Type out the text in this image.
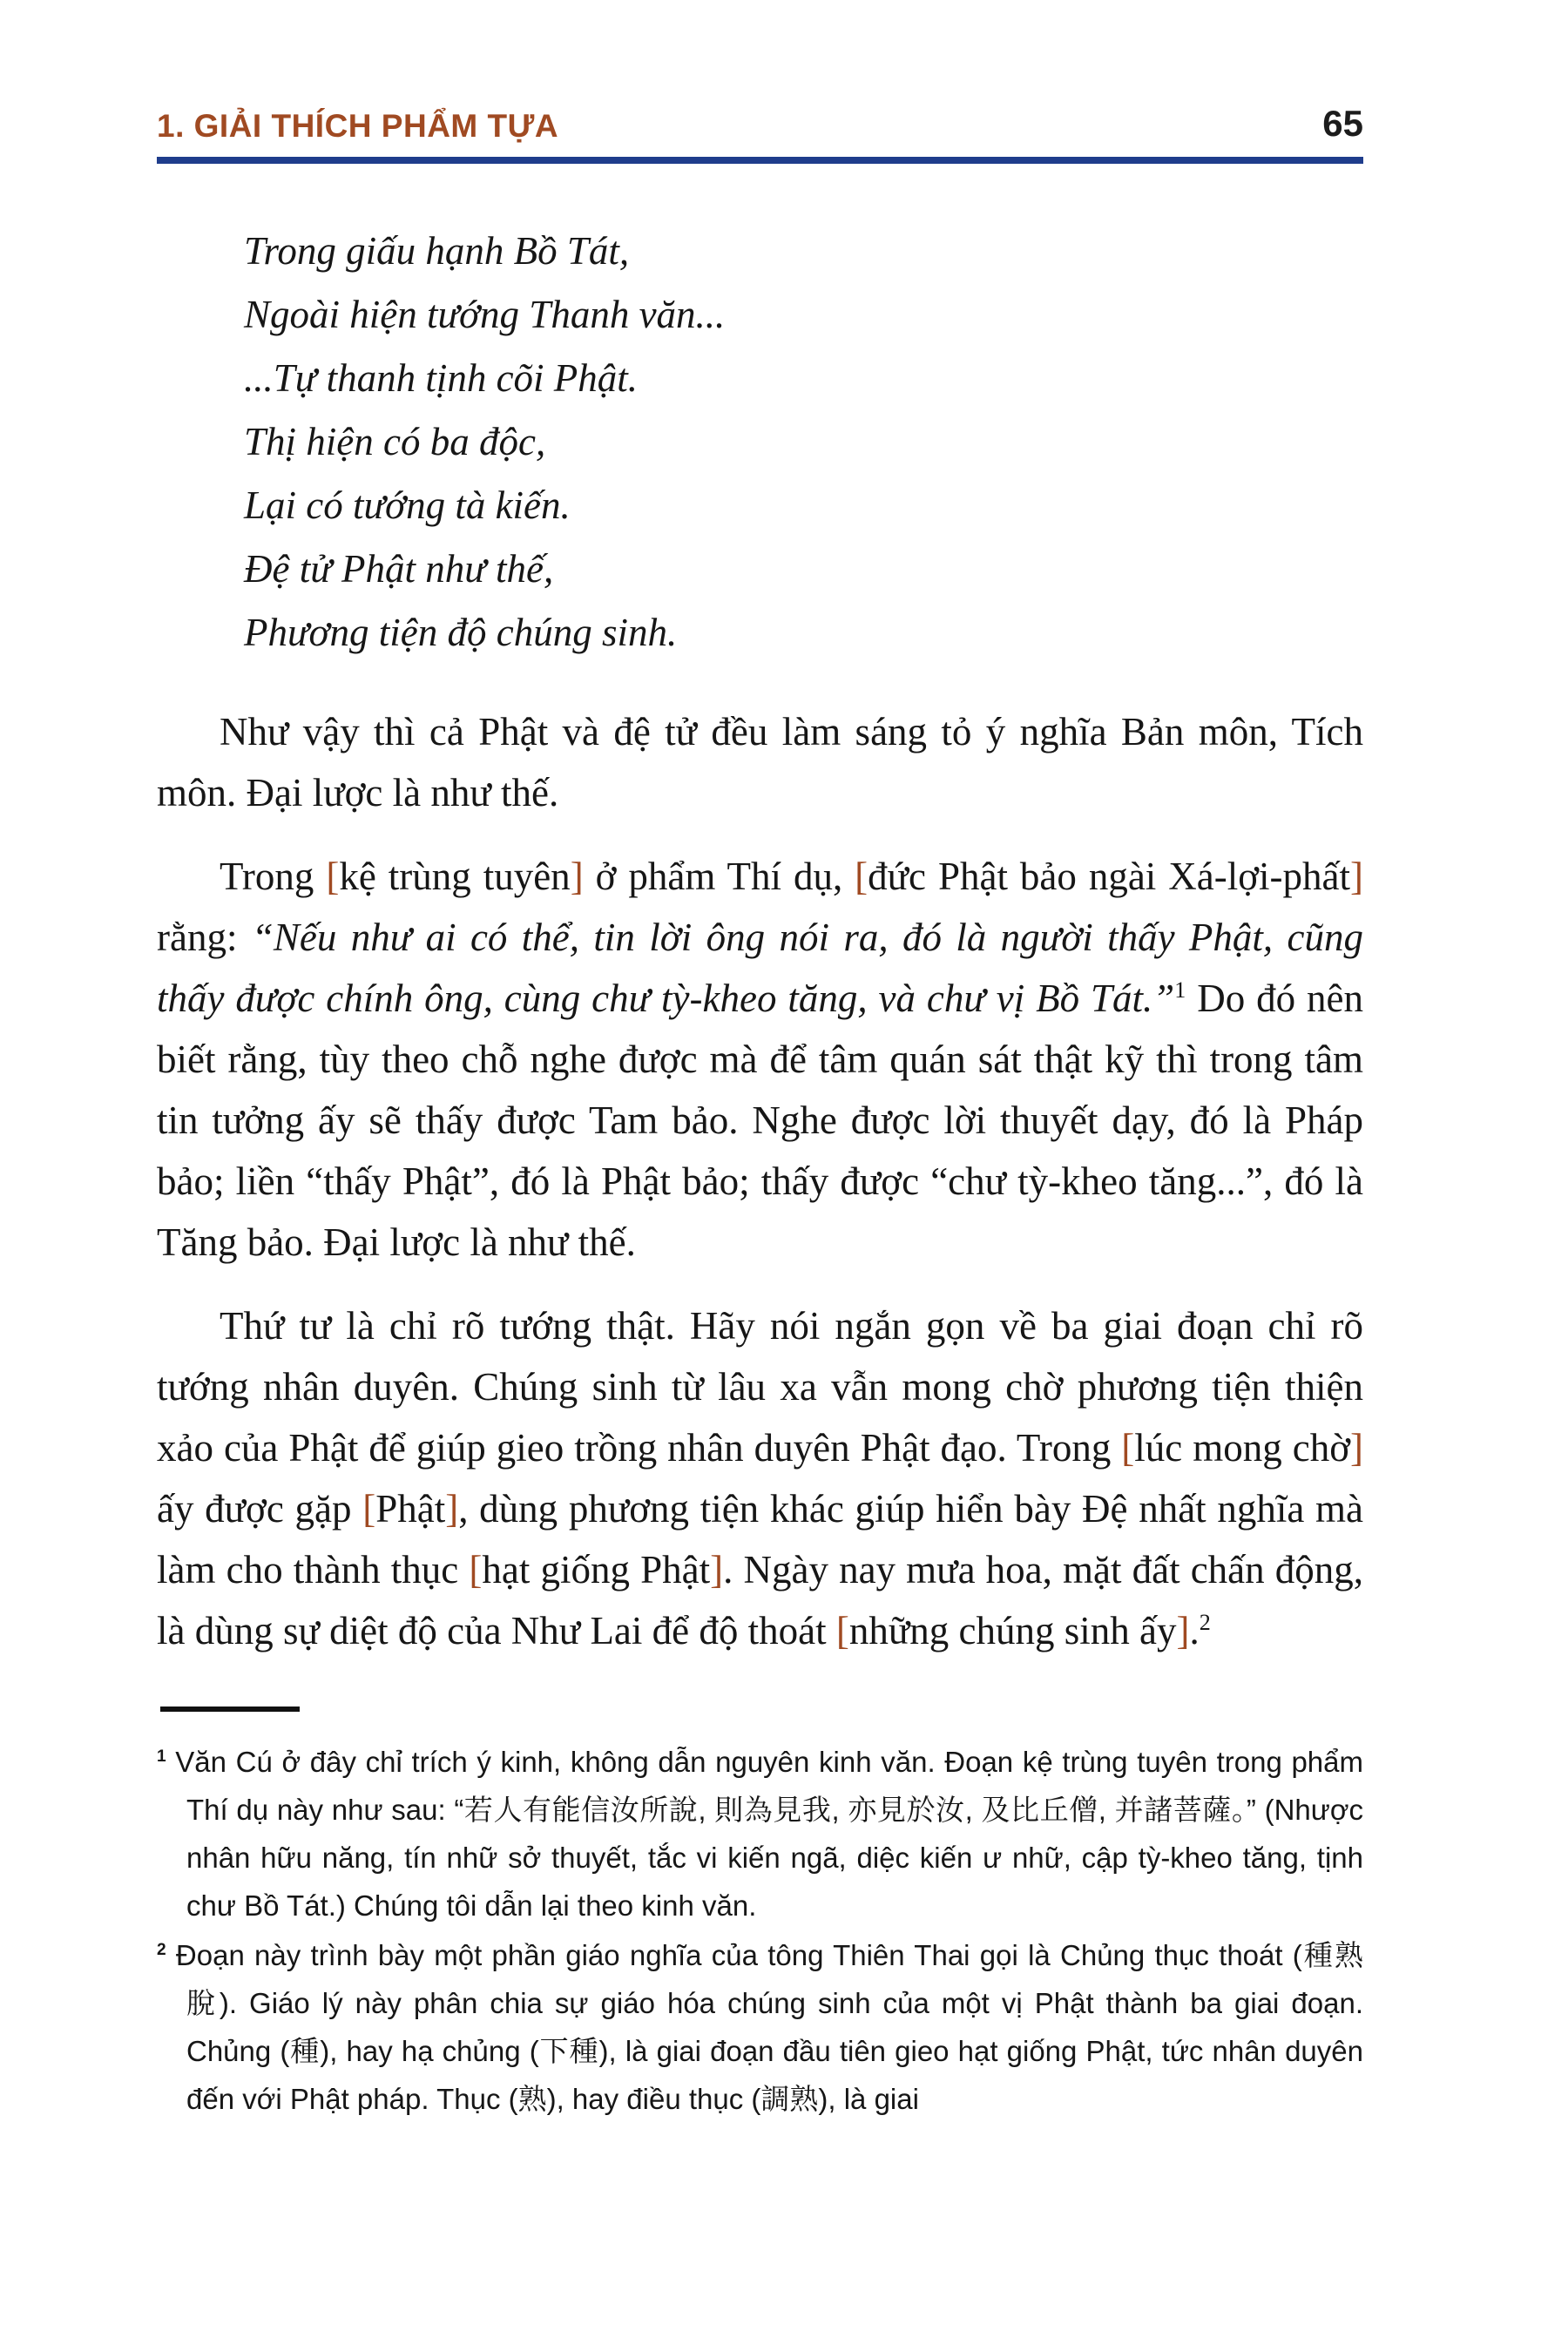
1. GIẢI THÍCH PHẨM TỰA	65
Trong giấu hạnh Bồ Tát,
Ngoài hiện tướng Thanh văn...
...Tự thanh tịnh cõi Phật.
Thị hiện có ba độc,
Lại có tướng tà kiến.
Đệ tử Phật như thế,
Phương tiện độ chúng sinh.

Như vậy thì cả Phật và đệ tử đều làm sáng tỏ ý nghĩa Bản môn, Tích môn. Đại lược là như thế.

Trong [kệ trùng tuyên] ở phẩm Thí dụ, [đức Phật bảo ngài Xá-lợi-phất] rằng: “Nếu như ai có thể, tin lời ông nói ra, đó là người thấy Phật, cũng thấy được chính ông, cùng chư tỳ-kheo tăng, và chư vị Bồ Tát.”$^1$ Do đó nên biết rằng, tùy theo chỗ nghe được mà để tâm quán sát thật kỹ thì trong tâm tin tưởng ấy sẽ thấy được Tam bảo. Nghe được lời thuyết dạy, đó là Pháp bảo; liền “thấy Phật”, đó là Phật bảo; thấy được “chư tỳ-kheo tăng...”, đó là Tăng bảo. Đại lược là như thế.

Thứ tư là chỉ rõ tướng thật. Hãy nói ngắn gọn về ba giai đoạn chỉ rõ tướng nhân duyên. Chúng sinh từ lâu xa vẫn mong chờ phương tiện thiện xảo của Phật để giúp gieo trồng nhân duyên Phật đạo. Trong [lúc mong chờ] ấy được gặp [Phật], dùng phương tiện khác giúp hiển bày Đệ nhất nghĩa mà làm cho thành thục [hạt giống Phật]. Ngày nay mưa hoa, mặt đất chấn động, là dùng sự diệt độ của Như Lai để độ thoát [những chúng sinh ấy].$^2$

$^1$ Văn Cú ở đây chỉ trích ý kinh, không dẫn nguyên kinh văn. Đoạn kệ trùng tuyên trong phẩm Thí dụ này như sau: “若人有能信汝所說, 則為見我, 亦見於汝, 及比丘僧, 并諸菩薩。” (Nhược nhân hữu năng, tín nhữ sở thuyết, tắc vi kiến ngã, diệc kiến ư nhữ, cập tỳ-kheo tăng, tịnh chư Bồ Tát.) Chúng tôi dẫn lại theo kinh văn.
$^2$ Đoạn này trình bày một phần giáo nghĩa của tông Thiên Thai gọi là Chủng thục thoát (種熟脫). Giáo lý này phân chia sự giáo hóa chúng sinh của một vị Phật thành ba giai đoạn. Chủng (種), hay hạ chủng (下種), là giai đoạn đầu tiên gieo hạt giống Phật, tức nhân duyên đến với Phật pháp. Thục (熟), hay điều thục (調熟), là giai
